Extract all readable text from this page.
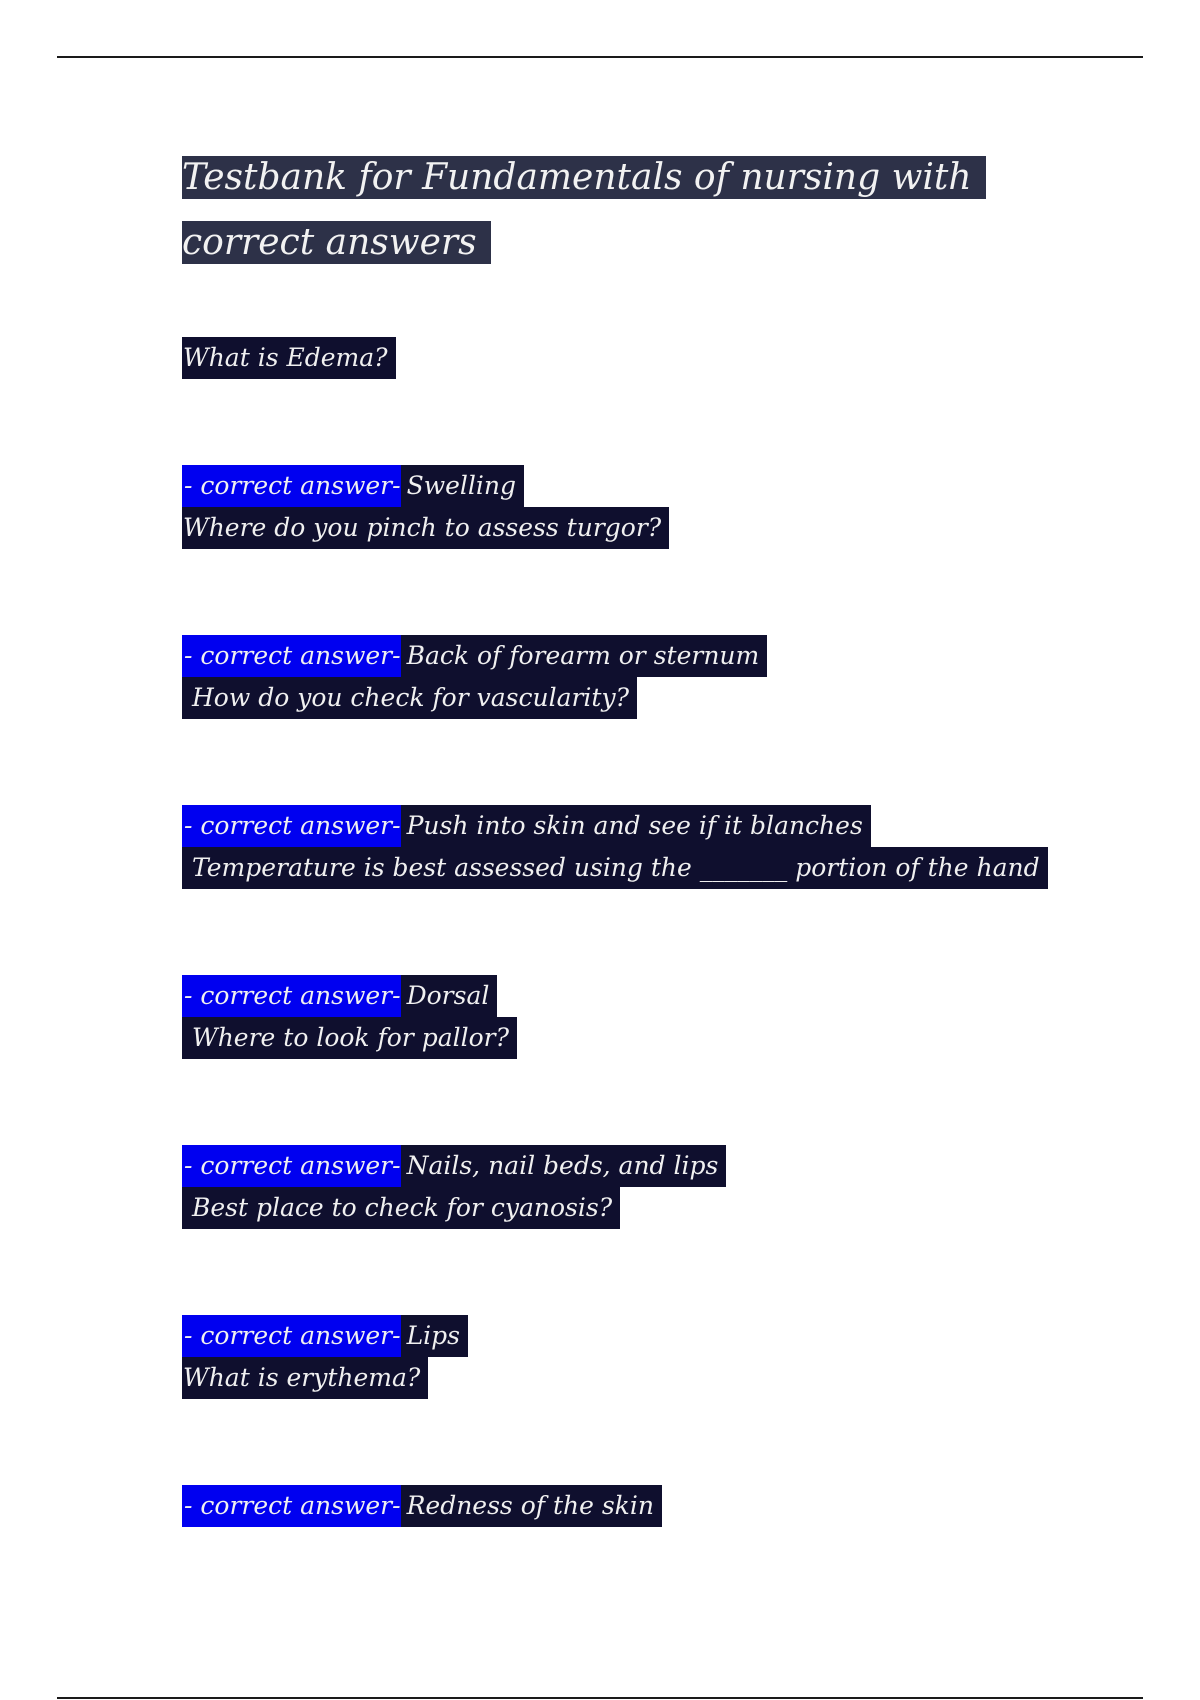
Testbank for Fundamentals of nursing with correct answers
What is Edema?
- correct answer- Swelling
Where do you pinch to assess turgor?
- correct answer- Back of forearm or sternum
How do you check for vascularity?
- correct answer- Push into skin and see if it blanches
Temperature is best assessed using the _______ portion of the hand
- correct answer- Dorsal
Where to look for pallor?
- correct answer- Nails, nail beds, and lips
Best place to check for cyanosis?
- correct answer- Lips
What is erythema?
- correct answer- Redness of the skin
